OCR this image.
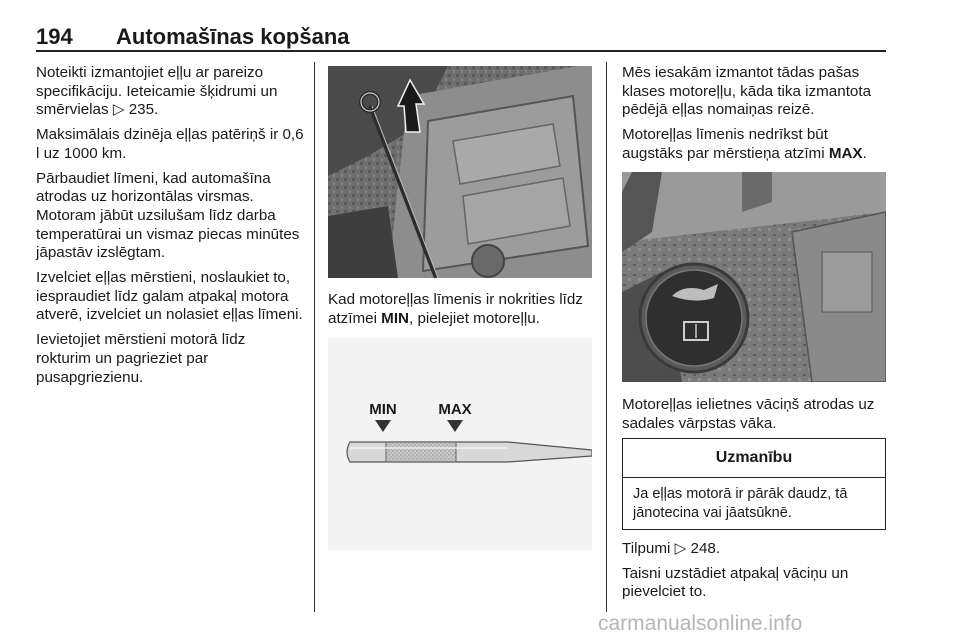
194 Automašīnas kopšana

Noteikti izmantojiet eļļu ar pareizo specifikāciju. Ieteicamie šķidrumi un smērvielas ▷ 235.

Maksimālais dzinēja eļļas patēriņš ir 0,6 l uz 1000 km.

Pārbaudiet līmeni, kad automašīna atrodas uz horizontālas virsmas. Motoram jābūt uzsilušam līdz darba temperatūrai un vismaz piecas minūtes jāpastāv izslēgtam.

Izvelciet eļļas mērstieni, noslaukiet to, iespraudiet līdz galam atpakaļ motora atverē, izvelciet un nolasiet eļļas līmeni.

Ievietojiet mērstieni motorā līdz rokturim un pagrieziet par pusapgriezienu.

Kad motoreļļas līmenis ir nokrities līdz atzīmei MIN, pielejiet motoreļļu.

MIN	MAX

Mēs iesakām izmantot tādas pašas klases motoreļļu, kāda tika izmantota pēdējā eļļas nomaiņas reizē.

Motoreļļas līmenis nedrīkst būt augstāks par mērstieņa atzīmi MAX.

Motoreļļas ielietnes vāciņš atrodas uz sadales vārpstas vāka.

Uzmanību
Ja eļļas motorā ir pārāk daudz, tā jānotecina vai jāatsūknē.

Tilpumi ▷ 248.

Taisni uzstādiet atpakaļ vāciņu un pievelciet to.

carmanualsonline.info
